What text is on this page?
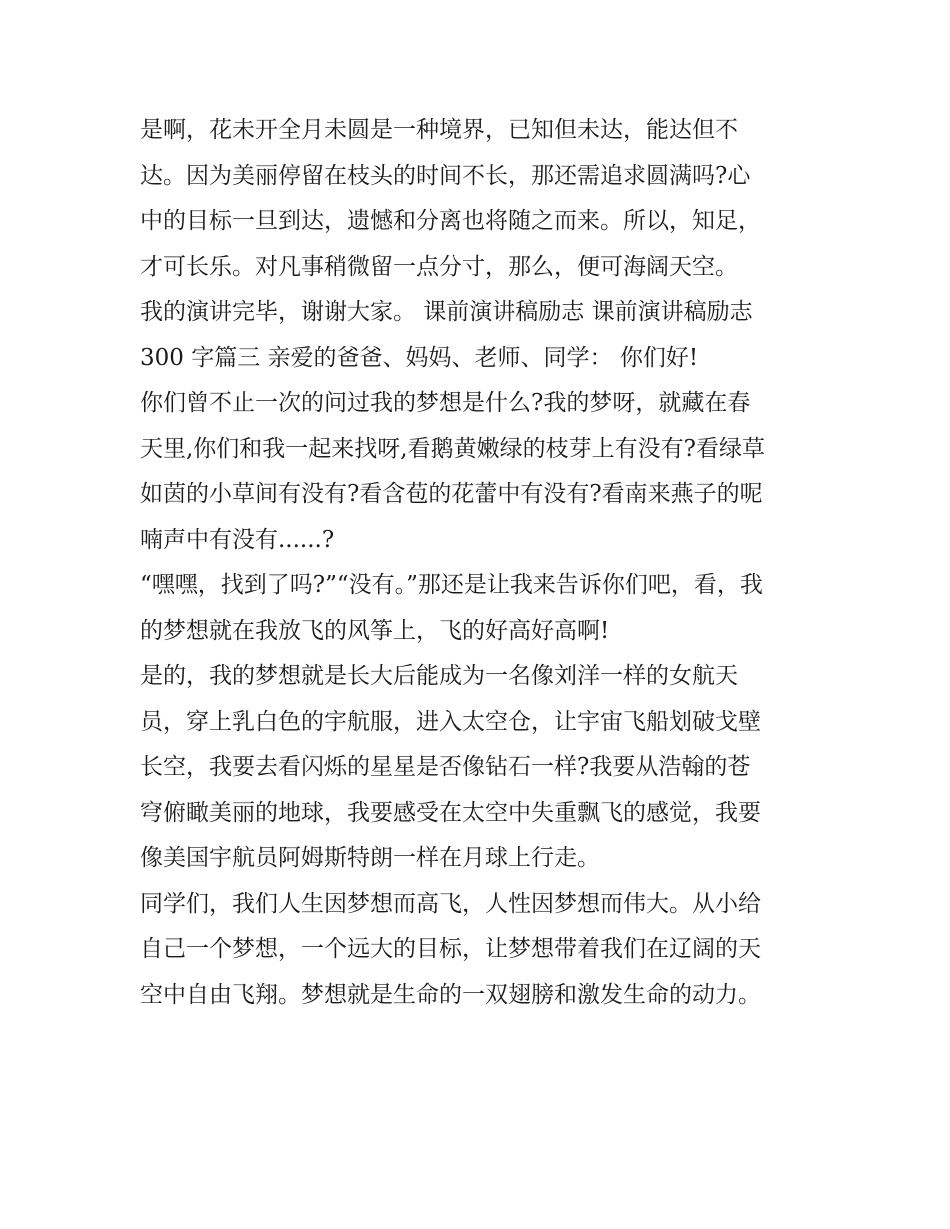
是啊，花未开全月未圆是一种境界，已知但未达，能达但不
达。因为美丽停留在枝头的时间不长，那还需追求圆满吗?心
中的目标一旦到达，遗憾和分离也将随之而来。所以，知足，
才可长乐。对凡事稍微留一点分寸，那么，便可海阔天空。
我的演讲完毕，谢谢大家。 课前演讲稿励志 课前演讲稿励志
300 字篇三 亲爱的爸爸、妈妈、老师、同学： 你们好!
你们曾不止一次的问过我的梦想是什么?我的梦呀，就藏在春
天里,你们和我一起来找呀,看鹅黄嫩绿的枝芽上有没有?看绿草
如茵的小草间有没有?看含苞的花蕾中有没有?看南来燕子的呢
喃声中有没有......?
“嘿嘿，找到了吗?”“没有。”那还是让我来告诉你们吧，看，我
的梦想就在我放飞的风筝上，飞的好高好高啊!
是的，我的梦想就是长大后能成为一名像刘洋一样的女航天
员，穿上乳白色的宇航服，进入太空仓，让宇宙飞船划破戈壁
长空，我要去看闪烁的星星是否像钻石一样?我要从浩翰的苍
穹俯瞰美丽的地球，我要感受在太空中失重飘飞的感觉，我要
像美国宇航员阿姆斯特朗一样在月球上行走。
同学们，我们人生因梦想而高飞，人性因梦想而伟大。从小给
自己一个梦想，一个远大的目标，让梦想带着我们在辽阔的天
空中自由飞翔。梦想就是生命的一双翅膀和激发生命的动力。
